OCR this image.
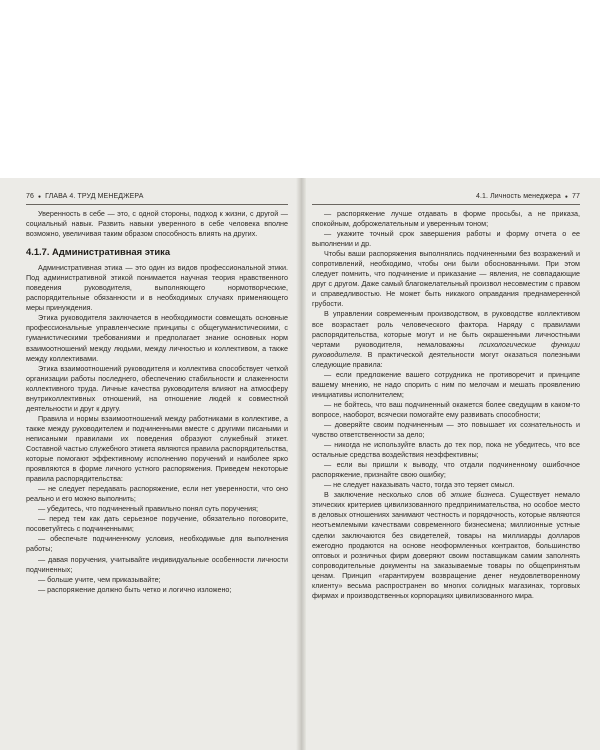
76 ● ГЛАВА 4. ТРУД МЕНЕДЖЕРА

Уверенность в себе — это, с одной стороны, подход к жизни, с другой — социальный навык. Развить навыки уверенного в себе человека вполне возможно, увеличивая таким образом способность влиять на других.

4.1.7. Административная этика

Административная этика — это один из видов профессиональной этики. Под административной этикой понимается научная теория нравственного поведения руководителя, выполняющего нормотворческие, распорядительные обязанности и в необходимых случаях применяющего меры принуждения.

Этика руководителя заключается в необходимости совмещать основные профессиональные управленческие принципы с общегуманистическими, с гуманистическими требованиями и предполагает знание основных норм взаимоотношений между людьми, между личностью и коллективом, а также между коллективами.

Этика взаимоотношений руководителя и коллектива способствует четкой организации работы последнего, обеспечению стабильности и слаженности коллективного труда. Личные качества руководителя влияют на атмосферу внутриколлективных отношений, на отношение людей к совместной деятельности и друг к другу.

Правила и нормы взаимоотношений между работниками в коллективе, а также между руководителем и подчиненными вместе с другими писаными и неписаными правилами их поведения образуют служебный этикет. Составной частью служебного этикета являются правила распорядительства, которые помогают эффективному исполнению поручений и наиболее ярко проявляются в форме личного устного распоряжения. Приведем некоторые правила распорядительства:

— не следует передавать распоряжение, если нет уверенности, что оно реально и его можно выполнить;

— убедитесь, что подчиненный правильно понял суть поручения;

— перед тем как дать серьезное поручение, обязательно поговорите, посоветуйтесь с подчиненными;

— обеспечьте подчиненному условия, необходимые для выполнения работы;

— давая поручения, учитывайте индивидуальные особенности личности подчиненных;

— больше учите, чем приказывайте;

— распоряжение должно быть четко и логично изложено;

4.1. Личность менеджера ● 77

— распоряжение лучше отдавать в форме просьбы, а не приказа, спокойным, доброжелательным и уверенным тоном;

— укажите точный срок завершения работы и форму отчета о ее выполнении и др.

Чтобы ваши распоряжения выполнялись подчиненными без возражений и сопротивлений, необходимо, чтобы они были обоснованными. При этом следует помнить, что подчинение и приказание — явления, не совпадающие друг с другом. Даже самый благожелательный произвол несовместим с правом и справедливостью. Не может быть никакого оправдания преднамеренной грубости.

В управлении современным производством, в руководстве коллективом все возрастает роль человеческого фактора. Наряду с правилами распорядительства, которые могут и не быть окрашенными личностными чертами руководителя, немаловажны психологические функции руководителя. В практической деятельности могут оказаться полезными следующие правила:

— если предложение вашего сотрудника не противоречит и принципе вашему мнению, не надо спорить с ним по мелочам и мешать проявлению инициативы исполнителем;

— не бойтесь, что ваш подчиненный окажется более сведущим в каком-то вопросе, наоборот, всячески помогайте ему развивать способности;

— доверяйте своим подчиненным — это повышает их сознательность и чувство ответственности за дело;

— никогда не используйте власть до тех пор, пока не убедитесь, что все остальные средства воздействия неэффективны;

— если вы пришли к выводу, что отдали подчиненному ошибочное распоряжение, признайте свою ошибку;

— не следует наказывать часто, тогда это теряет смысл.

В заключение несколько слов об этике бизнеса. Существует немало этических критериев цивилизованного предпринимательства, но особое место в деловых отношениях занимают честность и порядочность, которые являются неотъемлемыми качествами современного бизнесмена; миллионные устные сделки заключаются без свидетелей, товары на миллиарды долларов ежегодно продаются на основе неоформленных контрактов, большинство оптовых и розничных фирм доверяют своим поставщикам самим заполнять сопроводительные документы на заказываемые товары по общепринятым ценам. Принцип «гарантируем возвращение денег неудовлетворенному клиенту» весьма распространен во многих солидных магазинах, торговых фирмах и производственных корпорациях цивилизованного мира.
